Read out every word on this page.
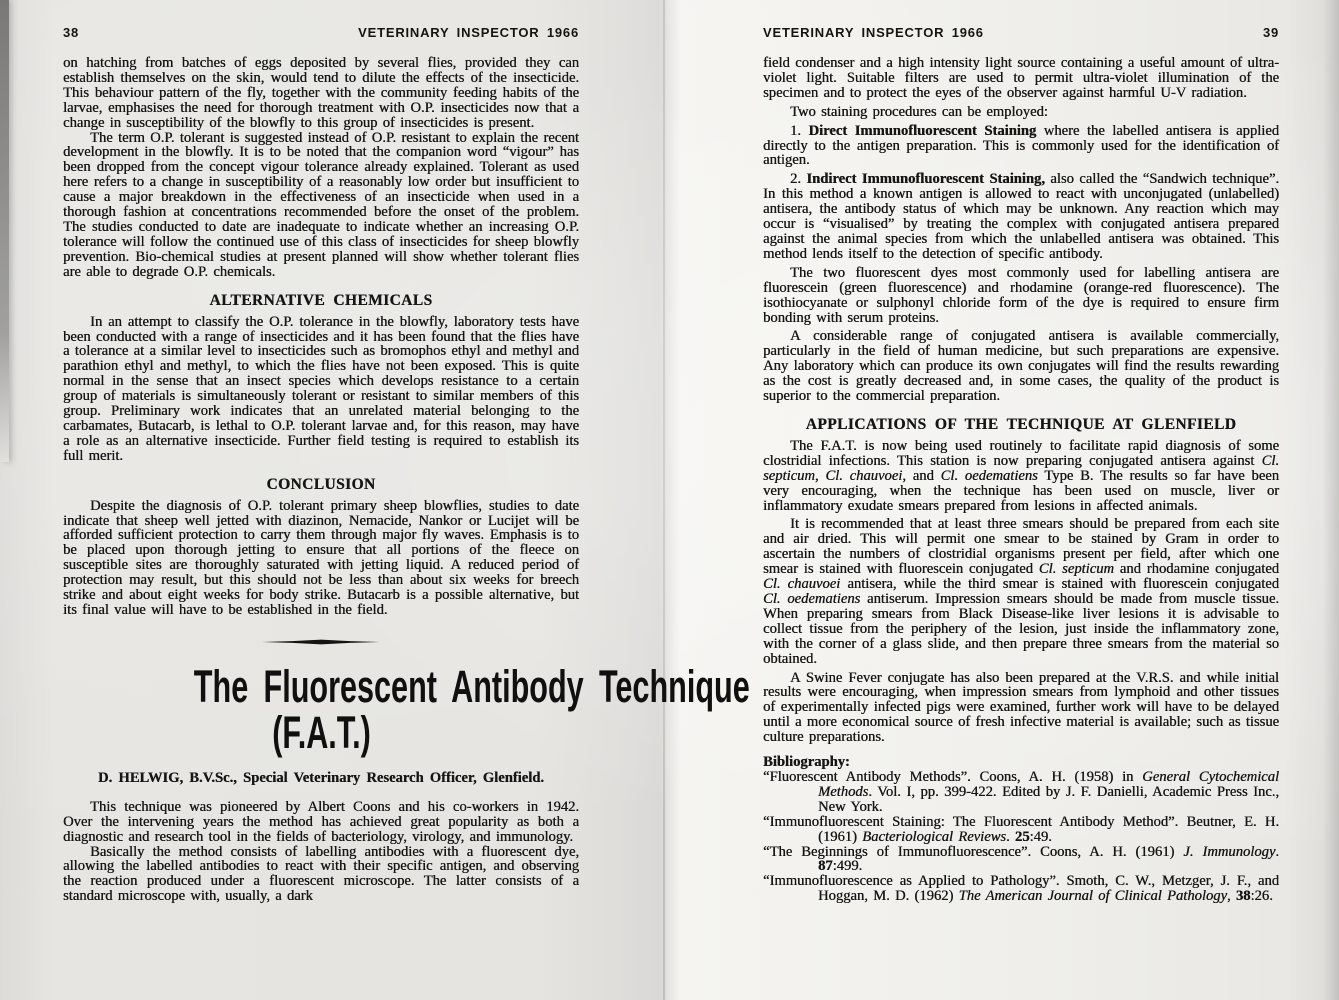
38	VETERINARY INSPECTOR 1966

on hatching from batches of eggs deposited by several flies, provided they can establish themselves on the skin, would tend to dilute the effects of the insecticide. This behaviour pattern of the fly, together with the community feeding habits of the larvae, emphasises the need for thorough treatment with O.P. insecticides now that a change in susceptibility of the blowfly to this group of insecticides is present.

The term O.P. tolerant is suggested instead of O.P. resistant to explain the recent development in the blowfly. It is to be noted that the companion word “vigour” has been dropped from the concept vigour tolerance already explained. Tolerant as used here refers to a change in susceptibility of a reasonably low order but insufficient to cause a major breakdown in the effectiveness of an insecticide when used in a thorough fashion at concentrations recommended before the onset of the problem. The studies conducted to date are inadequate to indicate whether an increasing O.P. tolerance will follow the continued use of this class of insecticides for sheep blowfly prevention. Bio-chemical studies at present planned will show whether tolerant flies are able to degrade O.P. chemicals.

ALTERNATIVE CHEMICALS

In an attempt to classify the O.P. tolerance in the blowfly, laboratory tests have been conducted with a range of insecticides and it has been found that the flies have a tolerance at a similar level to insecticides such as bromophos ethyl and methyl and parathion ethyl and methyl, to which the flies have not been exposed. This is quite normal in the sense that an insect species which develops resistance to a certain group of materials is simultaneously tolerant or resistant to similar members of this group. Preliminary work indicates that an unrelated material belonging to the carbamates, Butacarb, is lethal to O.P. tolerant larvae and, for this reason, may have a role as an alternative insecticide. Further field testing is required to establish its full merit.

CONCLUSION

Despite the diagnosis of O.P. tolerant primary sheep blowflies, studies to date indicate that sheep well jetted with diazinon, Nemacide, Nankor or Lucijet will be afforded sufficient protection to carry them through major fly waves. Emphasis is to be placed upon thorough jetting to ensure that all portions of the fleece on susceptible sites are thoroughly saturated with jetting liquid. A reduced period of protection may result, but this should not be less than about six weeks for breech strike and about eight weeks for body strike. Butacarb is a possible alternative, but its final value will have to be established in the field.

The Fluorescent Antibody Technique
(F.A.T.)

D. HELWIG, B.V.Sc., Special Veterinary Research Officer, Glenfield.

This technique was pioneered by Albert Coons and his co-workers in 1942. Over the intervening years the method has achieved great popularity as both a diagnostic and research tool in the fields of bacteriology, virology, and immunology.

Basically the method consists of labelling antibodies with a fluorescent dye, allowing the labelled antibodies to react with their specific antigen, and observing the reaction produced under a fluorescent microscope. The latter consists of a standard microscope with, usually, a dark

VETERINARY INSPECTOR 1966	39

field condenser and a high intensity light source containing a useful amount of ultra-violet light. Suitable filters are used to permit ultra-violet illumination of the specimen and to protect the eyes of the observer against harmful U-V radiation.

Two staining procedures can be employed:

1. Direct Immunofluorescent Staining where the labelled antisera is applied directly to the antigen preparation. This is commonly used for the identification of antigen.

2. Indirect Immunofluorescent Staining, also called the “Sandwich technique”. In this method a known antigen is allowed to react with unconjugated (unlabelled) antisera, the antibody status of which may be unknown. Any reaction which may occur is “visualised” by treating the complex with conjugated antisera prepared against the animal species from which the unlabelled antisera was obtained. This method lends itself to the detection of specific antibody.

The two fluorescent dyes most commonly used for labelling antisera are fluorescein (green fluorescence) and rhodamine (orange-red fluorescence). The isothiocyanate or sulphonyl chloride form of the dye is required to ensure firm bonding with serum proteins.

A considerable range of conjugated antisera is available commercially, particularly in the field of human medicine, but such preparations are expensive. Any laboratory which can produce its own conjugates will find the results rewarding as the cost is greatly decreased and, in some cases, the quality of the product is superior to the commercial preparation.

APPLICATIONS OF THE TECHNIQUE AT GLENFIELD

The F.A.T. is now being used routinely to facilitate rapid diagnosis of some clostridial infections. This station is now preparing conjugated antisera against Cl. septicum, Cl. chauvoei, and Cl. oedematiens Type B. The results so far have been very encouraging, when the technique has been used on muscle, liver or inflammatory exudate smears prepared from lesions in affected animals.

It is recommended that at least three smears should be prepared from each site and air dried. This will permit one smear to be stained by Gram in order to ascertain the numbers of clostridial organisms present per field, after which one smear is stained with fluorescein conjugated Cl. septicum and rhodamine conjugated Cl. chauvoei antisera, while the third smear is stained with fluorescein conjugated Cl. oedematiens antiserum. Impression smears should be made from muscle tissue. When preparing smears from Black Disease-like liver lesions it is advisable to collect tissue from the periphery of the lesion, just inside the inflammatory zone, with the corner of a glass slide, and then prepare three smears from the material so obtained.

A Swine Fever conjugate has also been prepared at the V.R.S. and while initial results were encouraging, when impression smears from lymphoid and other tissues of experimentally infected pigs were examined, further work will have to be delayed until a more economical source of fresh infective material is available; such as tissue culture preparations.

Bibliography:

“Fluorescent Antibody Methods”. Coons, A. H. (1958) in General Cytochemical Methods. Vol. I, pp. 399-422. Edited by J. F. Danielli, Academic Press Inc., New York.

“Immunofluorescent Staining: The Fluorescent Antibody Method”. Beutner, E. H. (1961) Bacteriological Reviews. 25:49.

“The Beginnings of Immunofluorescence”. Coons, A. H. (1961) J. Immunology. 87:499.

“Immunofluorescence as Applied to Pathology”. Smoth, C. W., Metzger, J. F., and Hoggan, M. D. (1962) The American Journal of Clinical Pathology, 38:26.
